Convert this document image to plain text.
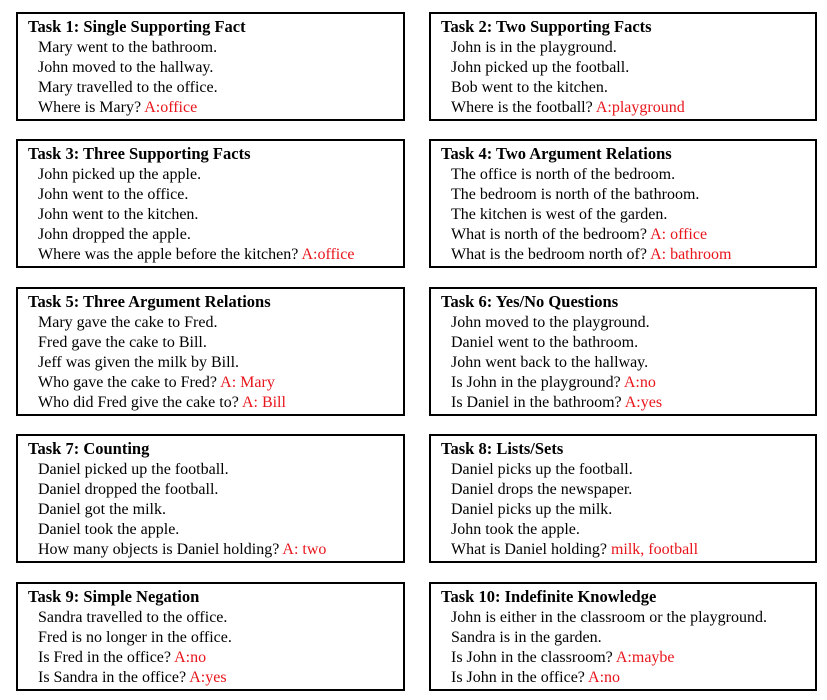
Task 1: Single Supporting Fact
Mary went to the bathroom.
John moved to the hallway.
Mary travelled to the office.
Where is Mary? A:office
Task 2: Two Supporting Facts
John is in the playground.
John picked up the football.
Bob went to the kitchen.
Where is the football? A:playground
Task 3: Three Supporting Facts
John picked up the apple.
John went to the office.
John went to the kitchen.
John dropped the apple.
Where was the apple before the kitchen? A:office
Task 4: Two Argument Relations
The office is north of the bedroom.
The bedroom is north of the bathroom.
The kitchen is west of the garden.
What is north of the bedroom? A: office
What is the bedroom north of? A: bathroom
Task 5: Three Argument Relations
Mary gave the cake to Fred.
Fred gave the cake to Bill.
Jeff was given the milk by Bill.
Who gave the cake to Fred? A: Mary
Who did Fred give the cake to? A: Bill
Task 6: Yes/No Questions
John moved to the playground.
Daniel went to the bathroom.
John went back to the hallway.
Is John in the playground? A:no
Is Daniel in the bathroom? A:yes
Task 7: Counting
Daniel picked up the football.
Daniel dropped the football.
Daniel got the milk.
Daniel took the apple.
How many objects is Daniel holding? A: two
Task 8: Lists/Sets
Daniel picks up the football.
Daniel drops the newspaper.
Daniel picks up the milk.
John took the apple.
What is Daniel holding? milk, football
Task 9: Simple Negation
Sandra travelled to the office.
Fred is no longer in the office.
Is Fred in the office? A:no
Is Sandra in the office? A:yes
Task 10: Indefinite Knowledge
John is either in the classroom or the playground.
Sandra is in the garden.
Is John in the classroom? A:maybe
Is John in the office? A:no
